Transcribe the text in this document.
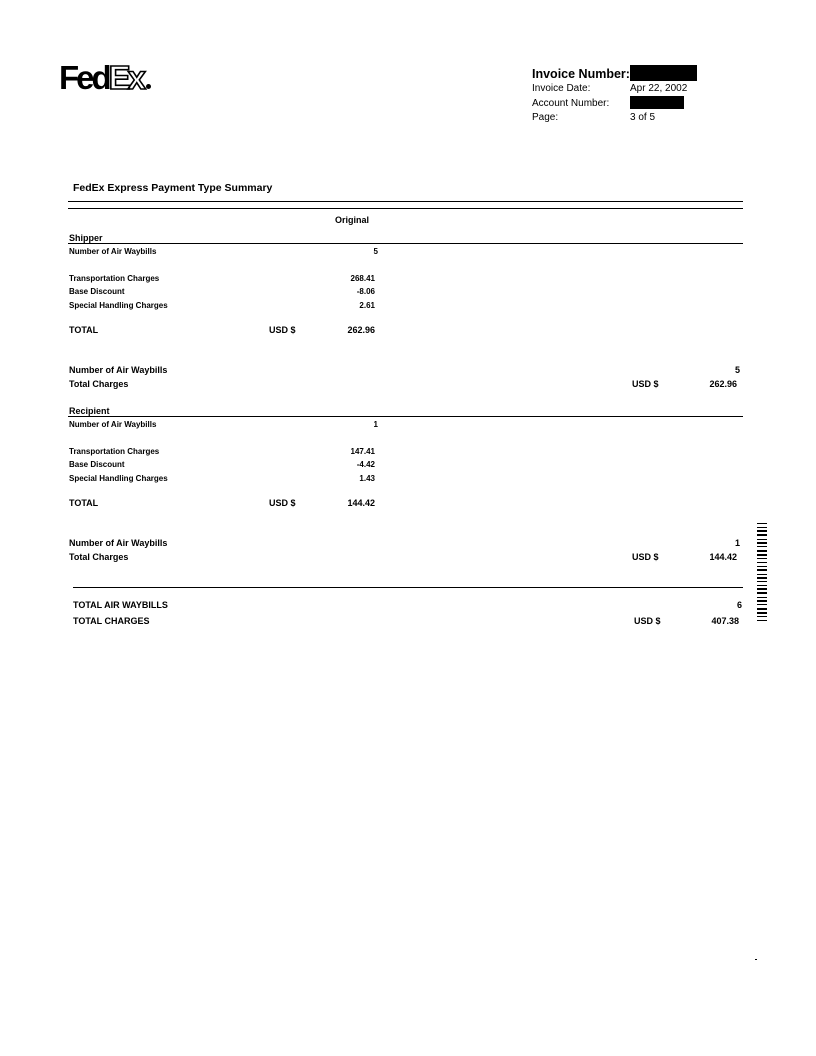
FedEx	Invoice Number:
Invoice Date:	Apr 22, 2002
Account Number:
Page:	3 of 5
FedEx Express Payment Type Summary
Original
Shipper
Number of Air Waybills	5
Transportation Charges	268.41
Base Discount	-8.06
Special Handling Charges	2.61
TOTAL	USD $	262.96
Number of Air Waybills	5
Total Charges	USD $	262.96
Recipient
Number of Air Waybills	1
Transportation Charges	147.41
Base Discount	-4.42
Special Handling Charges	1.43
TOTAL	USD $	144.42
Number of Air Waybills	1
Total Charges	USD $	144.42
TOTAL AIR WAYBILLS	6
TOTAL CHARGES	USD $	407.38
